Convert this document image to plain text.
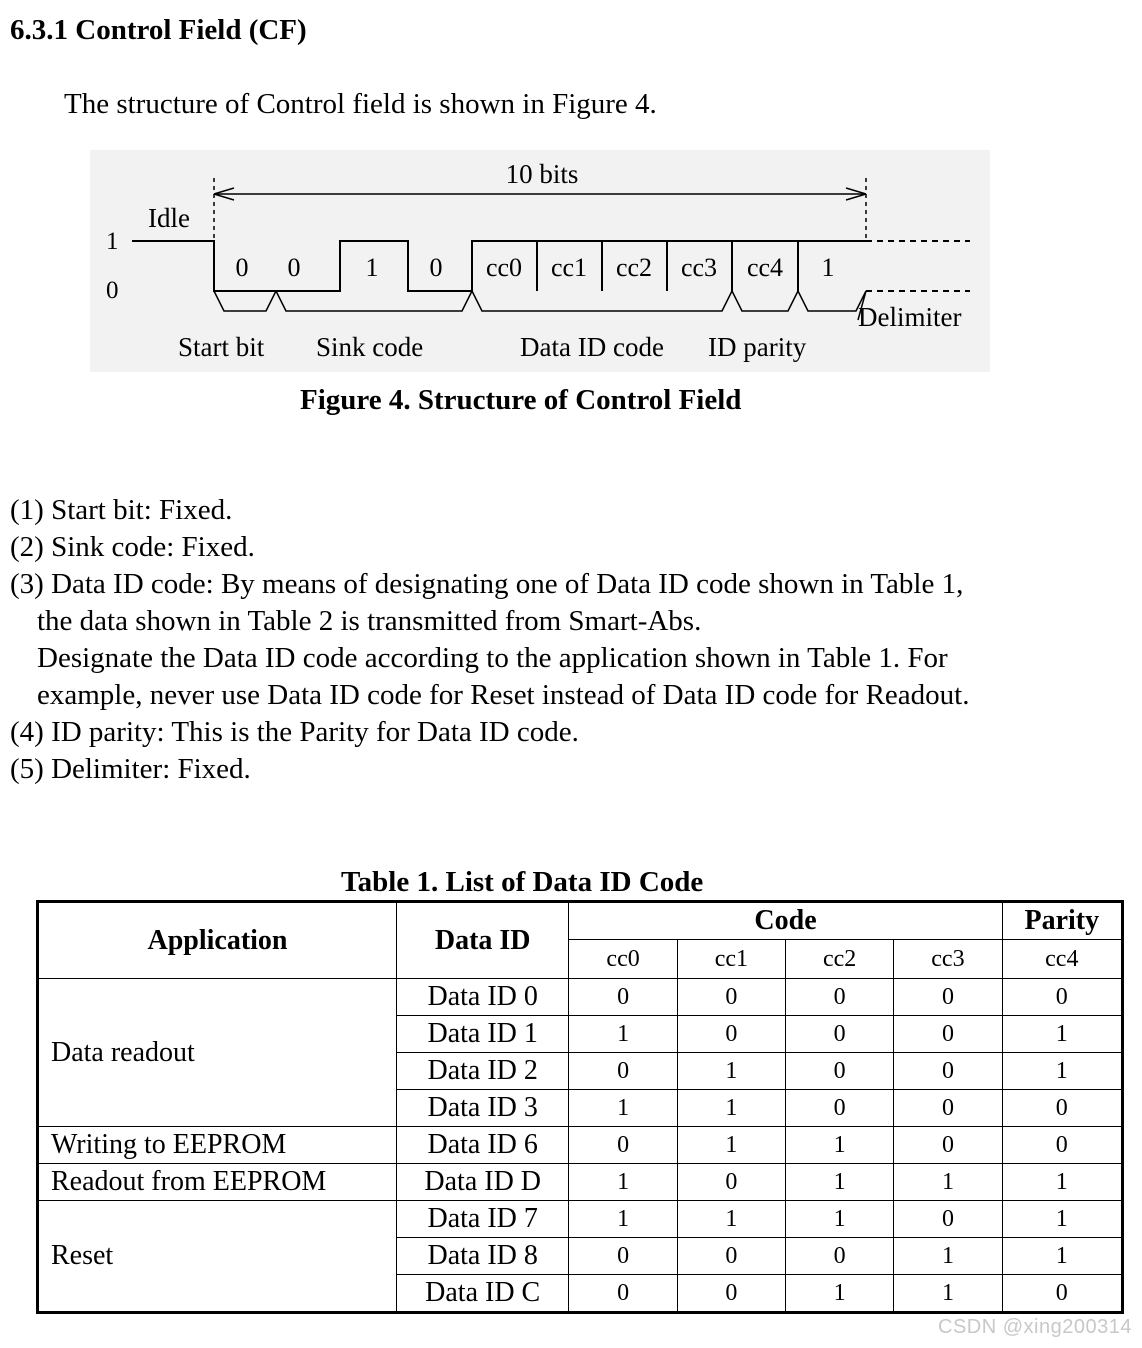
6.3.1 Control Field (CF)

The structure of Control field is shown in Figure 4.

10 bits
Idle
1
0
0 0	1 0 cc0 cc1 cc2 cc3 cc4 1
Start bit Sink code	Data ID code ID parity
Delimiter
Figure 4. Structure of Control Field
(1) Start bit: Fixed.
(2) Sink code: Fixed.
(3) Data ID code: By means of designating one of Data ID code shown in Table 1,
the data shown in Table 2 is transmitted from Smart-Abs.
Designate the Data ID code according to the application shown in Table 1. For
example, never use Data ID code for Reset instead of Data ID code for Readout.
(4) ID parity: This is the Parity for Data ID code.
(5) Delimiter: Fixed.
Table 1. List of Data ID Code
Application	Data ID	Code				Parity
		cc0	cc1	cc2	cc3	cc4
Data readout	Data ID 0	0	0	0	0	0
	Data ID 1	1	0	0	0	1
	Data ID 2	0	1	0	0	1
	Data ID 3	1	1	0	0	0
Writing to EEPROM	Data ID 6	0	1	1	0	0
Readout from EEPROM	Data ID D	1	0	1	1	1
Reset	Data ID 7	1	1	1	0	1
	Data ID 8	0	0	0	1	1
	Data ID C	0	0	1	1	0
CSDN @xing200314
